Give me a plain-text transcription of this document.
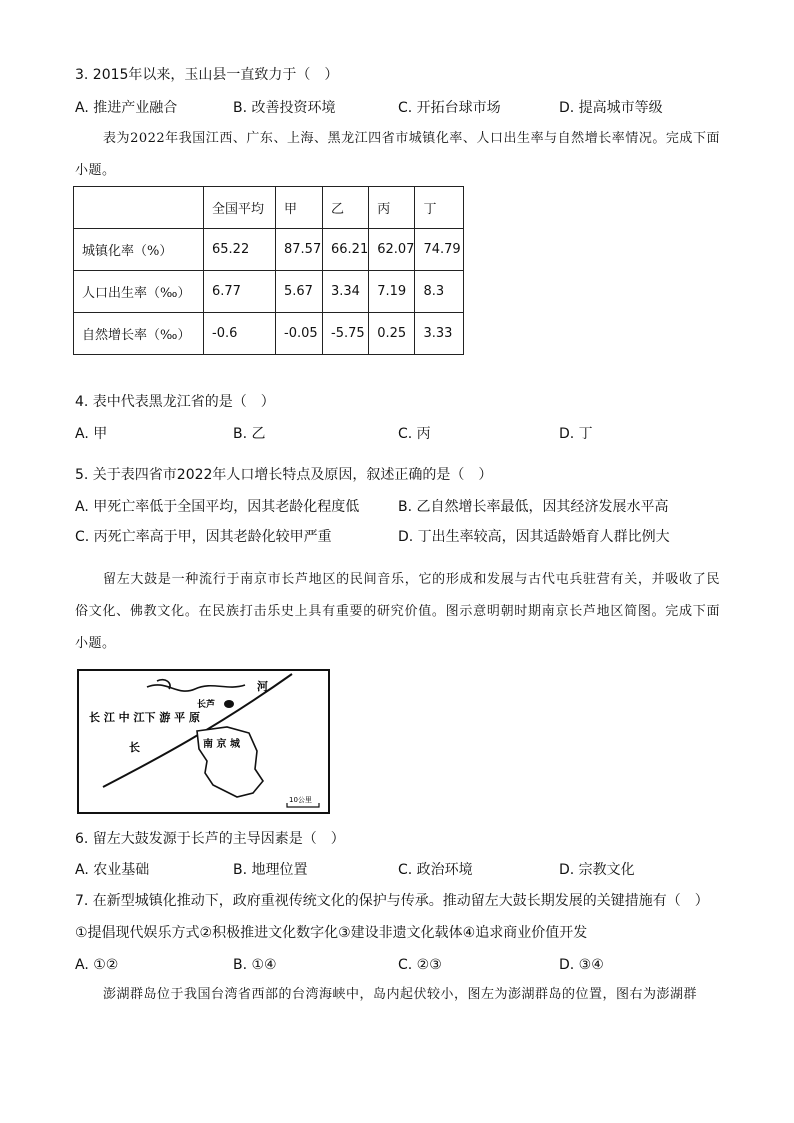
3. 2015年以来，玉山县一直致力于（　）
A. 推进产业融合	B. 改善投资环境	C. 开拓台球市场	D. 提高城市等级
表为2022年我国江西、广东、上海、黑龙江四省市城镇化率、人口出生率与自然增长率情况。完成下面小题。
	全国平均	甲	乙	丙	丁
城镇化率（%）	65.22	87.57	66.21	62.07	74.79
人口出生率（‰）	6.77	5.67	3.34	7.19	8.3
自然增长率（‰）	-0.6	-0.05	-5.75	0.25	3.33
4. 表中代表黑龙江省的是（　）
A. 甲	B. 乙	C. 丙	D. 丁
5. 关于表四省市2022年人口增长特点及原因，叙述正确的是（　）
A. 甲死亡率低于全国平均，因其老龄化程度低	B. 乙自然增长率最低，因其经济发展水平高
C. 丙死亡率高于甲，因其老龄化较甲严重	D. 丁出生率较高，因其适龄婚育人群比例大
留左大鼓是一种流行于南京市长芦地区的民间音乐，它的形成和发展与古代屯兵驻营有关，并吸收了民俗文化、佛教文化。在民族打击乐史上具有重要的研究价值。图示意明朝时期南京长芦地区简图。完成下面小题。
河
长芦
长 江 中 江下 游 平 原
长	南 京 城
10公里
6. 留左大鼓发源于长芦的主导因素是（　）
A. 农业基础	B. 地理位置	C. 政治环境	D. 宗教文化
7. 在新型城镇化推动下，政府重视传统文化的保护与传承。推动留左大鼓长期发展的关键措施有（　）
①提倡现代娱乐方式②积极推进文化数字化③建设非遗文化载体④追求商业价值开发
A. ①②	B. ①④	C. ②③	D. ③④
澎湖群岛位于我国台湾省西部的台湾海峡中，岛内起伏较小，图左为澎湖群岛的位置，图右为澎湖群
